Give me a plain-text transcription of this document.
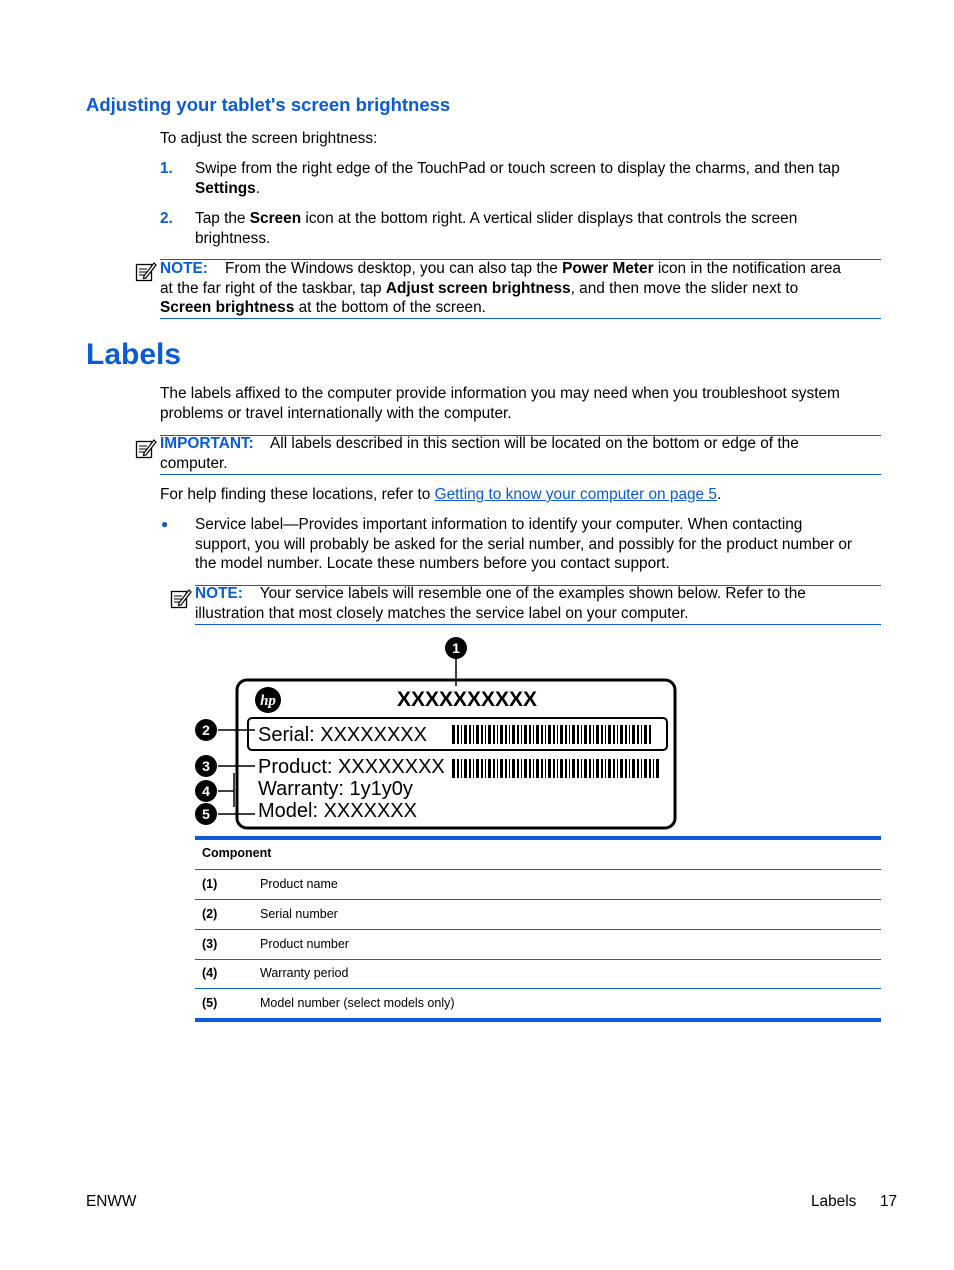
Adjusting your tablet's screen brightness
To adjust the screen brightness:
1. Swipe from the right edge of the TouchPad or touch screen to display the charms, and then tap
Settings.
2. Tap the Screen icon at the bottom right. A vertical slider displays that controls the screen
brightness.
NOTE: From the Windows desktop, you can also tap the Power Meter icon in the notification area
at the far right of the taskbar, tap Adjust screen brightness, and then move the slider next to
Screen brightness at the bottom of the screen.
Labels
The labels affixed to the computer provide information you may need when you troubleshoot system
problems or travel internationally with the computer.
IMPORTANT: All labels described in this section will be located on the bottom or edge of the
computer.
For help finding these locations, refer to Getting to know your computer on page 5.
● Service label—Provides important information to identify your computer. When contacting
support, you will probably be asked for the serial number, and possibly for the product number or
the model number. Locate these numbers before you contact support.
NOTE: Your service labels will resemble one of the examples shown below. Refer to the
illustration that most closely matches the service label on your computer.
hp	XXXXXXXXXX
Serial: XXXXXXXX
Product: XXXXXXXX
Warranty: 1y1y0y
Model: XXXXXXX
1
2
3
4
5
Component
(1)	Product name
(2)	Serial number
(3)	Product number
(4)	Warranty period
(5)	Model number (select models only)
ENWW	Labels 17
